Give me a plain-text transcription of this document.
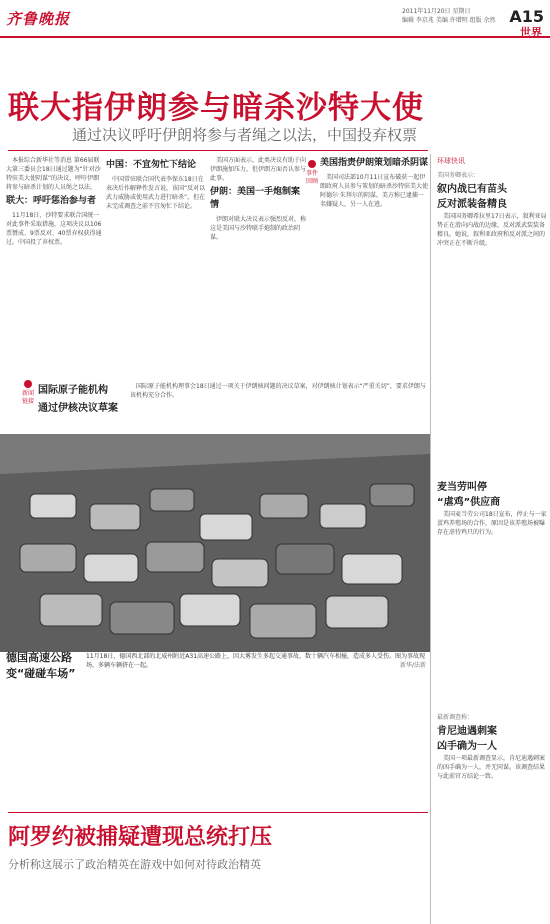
齐鲁晚报	2011年11月20日 星期日
编辑 李京兆 美编 许增明 组版 余然 A15
世界
联大指伊朗参与暗杀沙特大使
通过决议呼吁伊朗将参与者绳之以法，中国投弃权票

本报综合新华社等消息 第66届联大第三委员会18日通过题为“针对沙特驻美大使阴谋”的决议，呼吁伊朗将参与暗杀计划的人员绳之以法。

联大：呼吁惩治参与者

11月18日，沙特要求联合国统一对此事件采取措施，这项决议以106票赞成、9票反对、40票弃权获得通过。中国投了弃权票。

中国：不宜匆忙下结论

中国常驻联合国代表李保东18日在表决后作解释性发言说，该国“反对以武力威胁或使用武力进行暗杀”，但在未完成调查之前不宜匆忙下结论。

美国方面表示，此类决议有助于向伊朗施加压力，但伊朗方面否认参与此事。

伊朗：美国一手炮制案情

伊朗对联大决议表示强烈反对，称这是美国与沙特联手炮制的政治阴谋。

事件回顾
美国指责伊朗策划暗杀阴谋

美国司法部10月11日宣布破获一起伊朗政府人员参与策划的暗杀沙特驻美大使阿德尔·朱拜尔的阴谋。美方称已逮捕一名嫌疑人，另一人在逃。

新闻链接
国际原子能机构
通过伊核决议草案

国际原子能机构理事会18日通过一项关于伊朗核问题的决议草案，对伊朗核计划表示“严重关切”，要求伊朗与该机构充分合作。

德国高速公路变“碰碰车场”
11月18日，德国西北部的北威州附近A31高速公路上，因大雾发生多起交通事故，数十辆汽车相撞，造成多人受伤。图为事故现场，多辆车辆挤在一起。	新华/法新
阿罗约被捕疑遭现总统打压
分析称这展示了政治精英在游戏中如何对待政治精英
环球快讯
美国务卿表示：
叙内战已有苗头
反对派装备精良

美国国务卿希拉里17日表示，叙利亚局势正在滑向内战的边缘，反对派武装装备精良。她说，叙利亚政府和反对派之间的冲突正在不断升级。

麦当劳叫停
“虐鸡”供应商

美国麦当劳公司18日宣布，停止与一家蛋鸡养殖场的合作，原因是该养殖场被曝存在虐待鸡只的行为。

最新调查称：
肯尼迪遇刺案
凶手确为一人

美国一项最新调查显示，肯尼迪遇刺案的凶手确为一人，并无同谋。该调查结果与此前官方结论一致。
